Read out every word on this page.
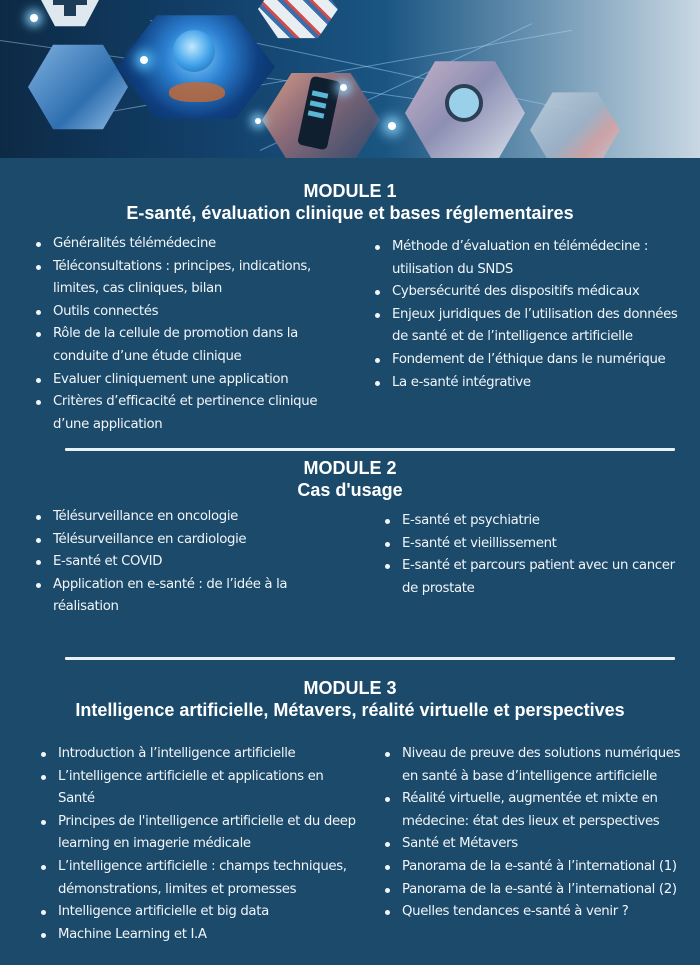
MODULE 1
E-santé, évaluation clinique et bases réglementaires
Généralités télémédecine
Téléconsultations : principes, indications, limites, cas cliniques, bilan
Outils connectés
Rôle de la cellule de promotion dans la conduite d’une étude clinique
Evaluer cliniquement une application
Critères d’efficacité et pertinence clinique d’une application
Méthode d’évaluation en télémédecine : utilisation du SNDS
Cybersécurité des dispositifs médicaux
Enjeux juridiques de l’utilisation des données de santé et de l’intelligence artificielle
Fondement de l’éthique dans le numérique
La e-santé intégrative
MODULE 2
Cas d'usage
Télésurveillance en oncologie
Télésurveillance en cardiologie
E-santé et COVID
Application en e-santé : de l’idée à la réalisation
E-santé et psychiatrie
E-santé et vieillissement
E-santé et parcours patient avec un cancer de prostate
MODULE 3
Intelligence artificielle, Métavers, réalité virtuelle et perspectives
Introduction à l’intelligence artificielle
L’intelligence artificielle et applications en Santé
Principes de l'intelligence artificielle et du deep learning en imagerie médicale
L’intelligence artificielle : champs techniques, démonstrations, limites et promesses
Intelligence artificielle et big data
Machine Learning et I.A
Niveau de preuve des solutions numériques en santé à base d’intelligence artificielle
Réalité virtuelle, augmentée et mixte en médecine: état des lieux et perspectives
Santé et Métavers
Panorama de la e-santé à l’international (1)
Panorama de la e-santé à l’international (2)
Quelles tendances e-santé à venir ?
